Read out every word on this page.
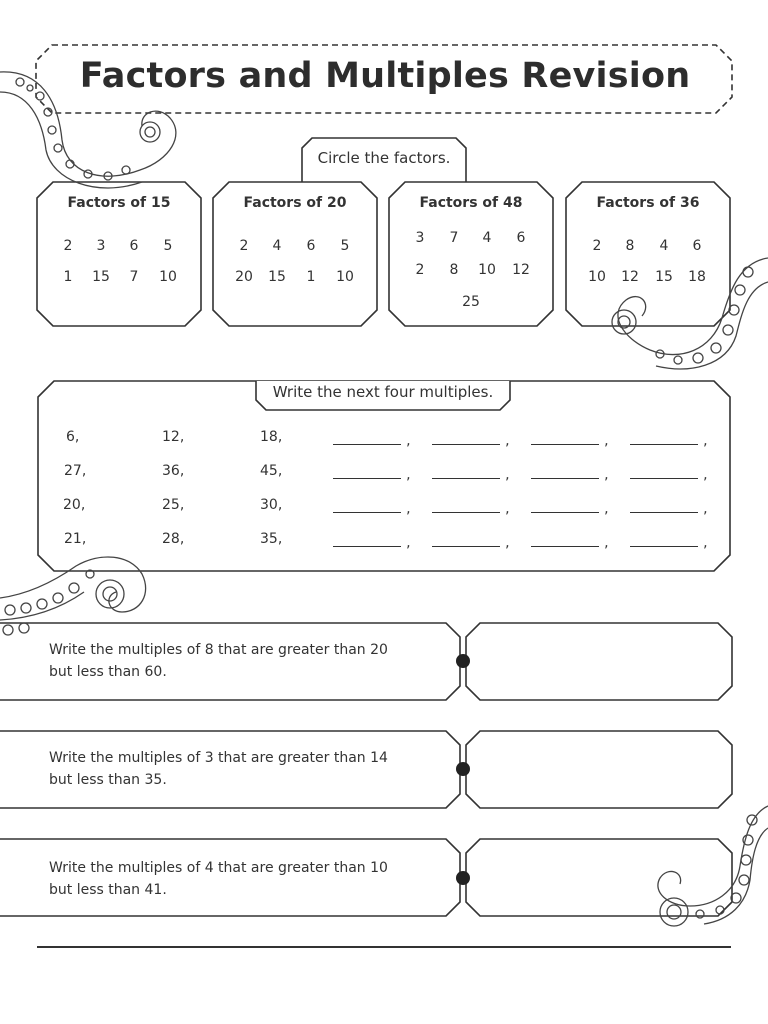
Factors and Multiples Revision
Circle the factors.
Factors of 15
2	3	6	5
1	15	7	10
Factors of 20
2	4	6	5
20	15	1	10
Factors of 48
3	7	4	6
2	8	10	12
25
Factors of 36
2	8	4	6
10	12	15	18
Write the next four multiples.
6,	12,	18,	,	,	,	,
27,	36,	45,	,	,	,	,
20,	25,	30,	,	,	,	,
21,	28,	35,	,	,	,	,
Write the multiples of 8 that are greater than 20
but less than 60.
Write the multiples of 3 that are greater than 14
but less than 35.
Write the multiples of 4 that are greater than 10
but less than 41.
